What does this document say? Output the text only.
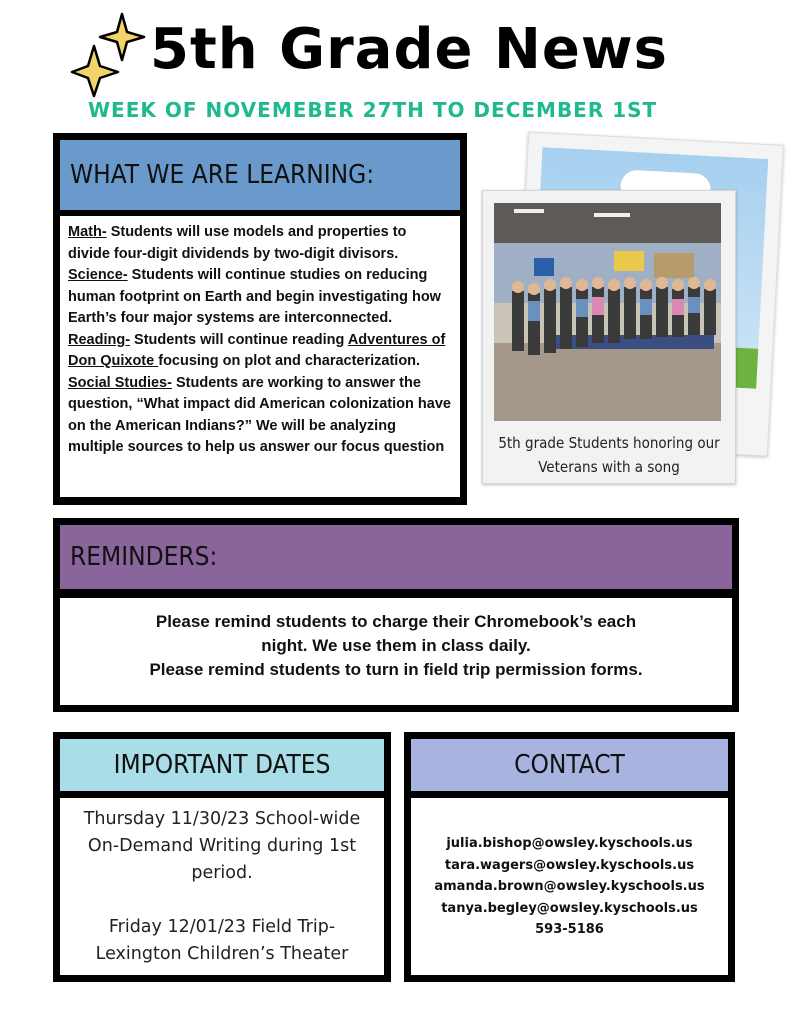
5th Grade News
WEEK OF NOVEMEBER 27TH TO DECEMBER 1ST
WHAT WE ARE LEARNING:
Math- Students will use models and properties to divide four-digit dividends by two-digit divisors.
Science- Students will continue studies on reducing human footprint on Earth and begin investigating how Earth’s four major systems are interconnected.
Reading- Students will continue reading Adventures of Don Quixote focusing on plot and characterization.
Social Studies- Students are working to answer the question, “What impact did American colonization have on the American Indians?” We will be analyzing multiple sources to help us answer our focus question	5th grade Students honoring our
Veterans with a song
REMINDERS:
Please remind students to charge their Chromebook’s each
night. We use them in class daily.
Please remind students to turn in field trip permission forms.
IMPORTANT DATES
Thursday 11/30/23 School-wide
On-Demand Writing during 1st
period.
Friday 12/01/23 Field Trip-
Lexington Children’s Theater
CONTACT
julia.bishop@owsley.kyschools.us
tara.wagers@owsley.kyschools.us
amanda.brown@owsley.kyschools.us
tanya.begley@owsley.kyschools.us
593-5186
